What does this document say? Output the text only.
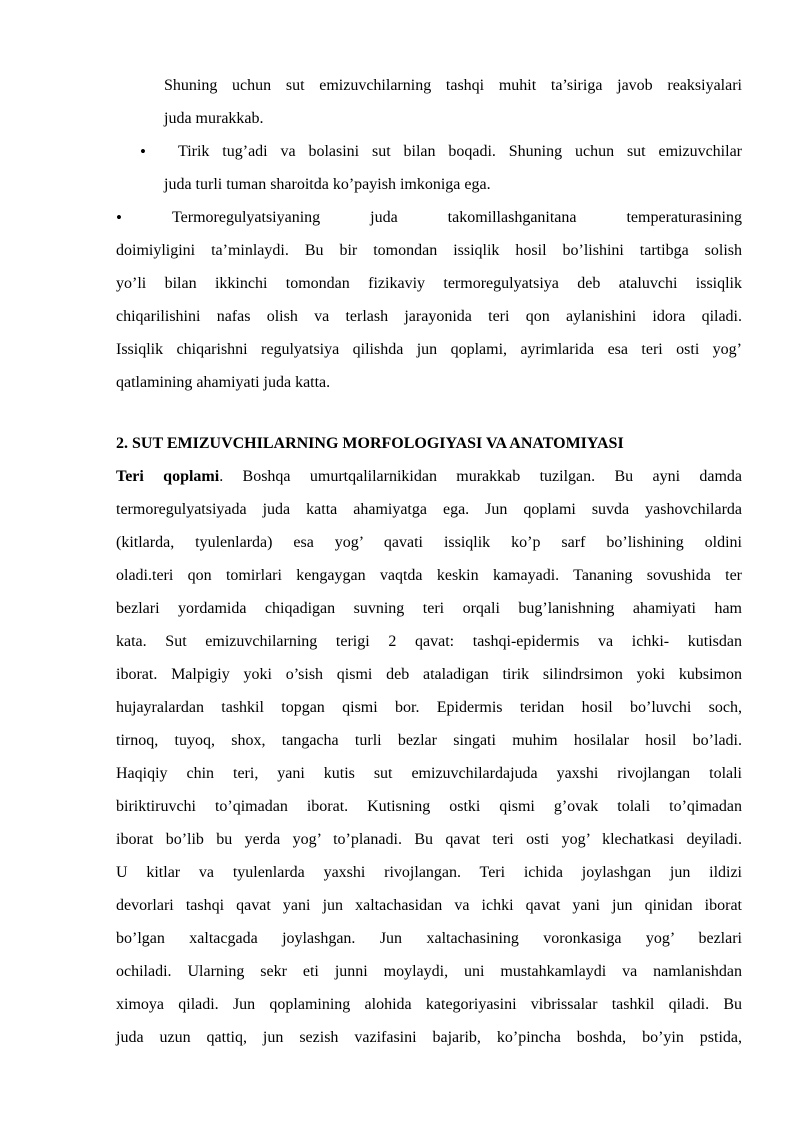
Shuning uchun sut emizuvchilarning tashqi muhit ta’siriga javob reaksiyalari
juda murakkab.
• Tirik tug’adi va bolasini sut bilan boqadi. Shuning uchun sut emizuvchilar
juda turli tuman sharoitda ko’payish imkoniga ega.
•	Termoregulyatsiyaning juda takomillashganitana temperaturasining
doimiyligini ta’minlaydi. Bu bir tomondan issiqlik hosil bo’lishini tartibga solish
yo’li bilan ikkinchi tomondan fizikaviy termoregulyatsiya deb ataluvchi issiqlik
chiqarilishini nafas olish va terlash jarayonida teri qon aylanishini idora qiladi.
Issiqlik chiqarishni regulyatsiya qilishda jun qoplami, ayrimlarida esa teri osti yog’
qatlamining ahamiyati juda katta.
2. SUT EMIZUVCHILARNING MORFOLOGIYASI VA ANATOMIYASI
Teri qoplami. Boshqa umurtqalilarnikidan murakkab tuzilgan. Bu ayni damda
termoregulyatsiyada juda katta ahamiyatga ega. Jun qoplami suvda yashovchilarda
(kitlarda, tyulenlarda) esa yog’ qavati issiqlik ko’p sarf bo’lishining oldini
oladi.teri qon tomirlari kengaygan vaqtda keskin kamayadi. Tananing sovushida ter
bezlari yordamida chiqadigan suvning teri orqali bug’lanishning ahamiyati ham
kata. Sut emizuvchilarning terigi 2 qavat: tashqi-epidermis va ichki- kutisdan
iborat. Malpigiy yoki o’sish qismi deb ataladigan tirik silindrsimon yoki kubsimon
hujayralardan tashkil topgan qismi bor. Epidermis teridan hosil bo’luvchi soch,
tirnoq, tuyoq, shox, tangacha turli bezlar singati muhim hosilalar hosil bo’ladi.
Haqiqiy chin teri, yani kutis sut emizuvchilardajuda yaxshi rivojlangan tolali
biriktiruvchi to’qimadan iborat. Kutisning ostki qismi g’ovak tolali to’qimadan
iborat bo’lib bu yerda yog’ to’planadi. Bu qavat teri osti yog’ klechatkasi deyiladi.
U kitlar va tyulenlarda yaxshi rivojlangan. Teri ichida joylashgan jun ildizi
devorlari tashqi qavat yani jun xaltachasidan va ichki qavat yani jun qinidan iborat
bo’lgan xaltacgada joylashgan. Jun xaltachasining voronkasiga yog’ bezlari
ochiladi. Ularning sekr eti junni moylaydi, uni mustahkamlaydi va namlanishdan
ximoya qiladi. Jun qoplamining alohida kategoriyasini vibrissalar tashkil qiladi. Bu
juda uzun qattiq, jun sezish vazifasini bajarib, ko’pincha boshda, bo’yin pstida,
